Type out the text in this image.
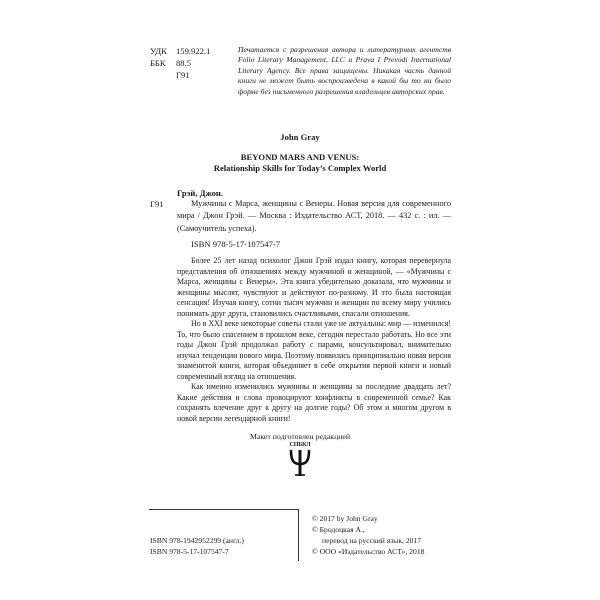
УДК 159.922.1
ББК 88.5
Г91
Печатается с разрешения автора и литературных агентств Folio Literary Management, LLC и Prava I Prevodi International Literary Agency. Все права защищены. Никакая часть данной книги не может быть воспроизведена в какой бы то ни было форме без письменного разрешения владельцев авторских прав.
John Gray
BEYOND MARS AND VENUS:
Relationship Skills for Today’s Complex World
Грэй, Джон.
Г91	Мужчины с Марса, женщины с Венеры. Новая версия для современного мира / Джон Грэй. — Москва : Издательство АСТ, 2018. — 432 с. : ил. — (Самоучитель успеха).
ISBN 978-5-17-107547-7

Более 25 лет назад психолог Джон Грэй издал книгу, которая перевернула представления об отношениях между мужчиной и женщиной, — «Мужчины с Марса, женщины с Венеры». Эта книга убедительно доказала, что мужчины и женщины мыслят, чувствуют и действуют по-разному. И это была настоящая сенсация! Изучая книгу, сотни тысяч мужчин и женщин по всему миру учились понимать друг друга, становились счастливыми, спасали отношения.

Но в XXI веке некоторые советы стали уже не актуальны: мир — изменился! То, что было спасением в прошлом веке, сегодня перестало работать. Но все эти годы Джон Грэй продолжал работу с парами, консультировал, внимательно изучал тенденции нового мира. Поэтому появилась принципиально новая версия знаменитой книги, которая объединяет в себе открытия первой книги и новый современный взгляд на отношения.

Как именно изменились мужчины и женщины за последние двадцать лет? Какие действия и слова провоцируют конфликты в современной семье? Как сохранять влечение друг к другу на долгие годы? Об этом и многом другом в новой версии легендарной книги!

Макет подготовлен редакцией
СПБКЛ
ISBN 978-1942952299 (англ.)
ISBN 978-5-17-107547-7
© 2017 by John Gray
© Бродоцкая А.,
перевод на русский язык, 2017
© ООО «Издательство АСТ», 2018
